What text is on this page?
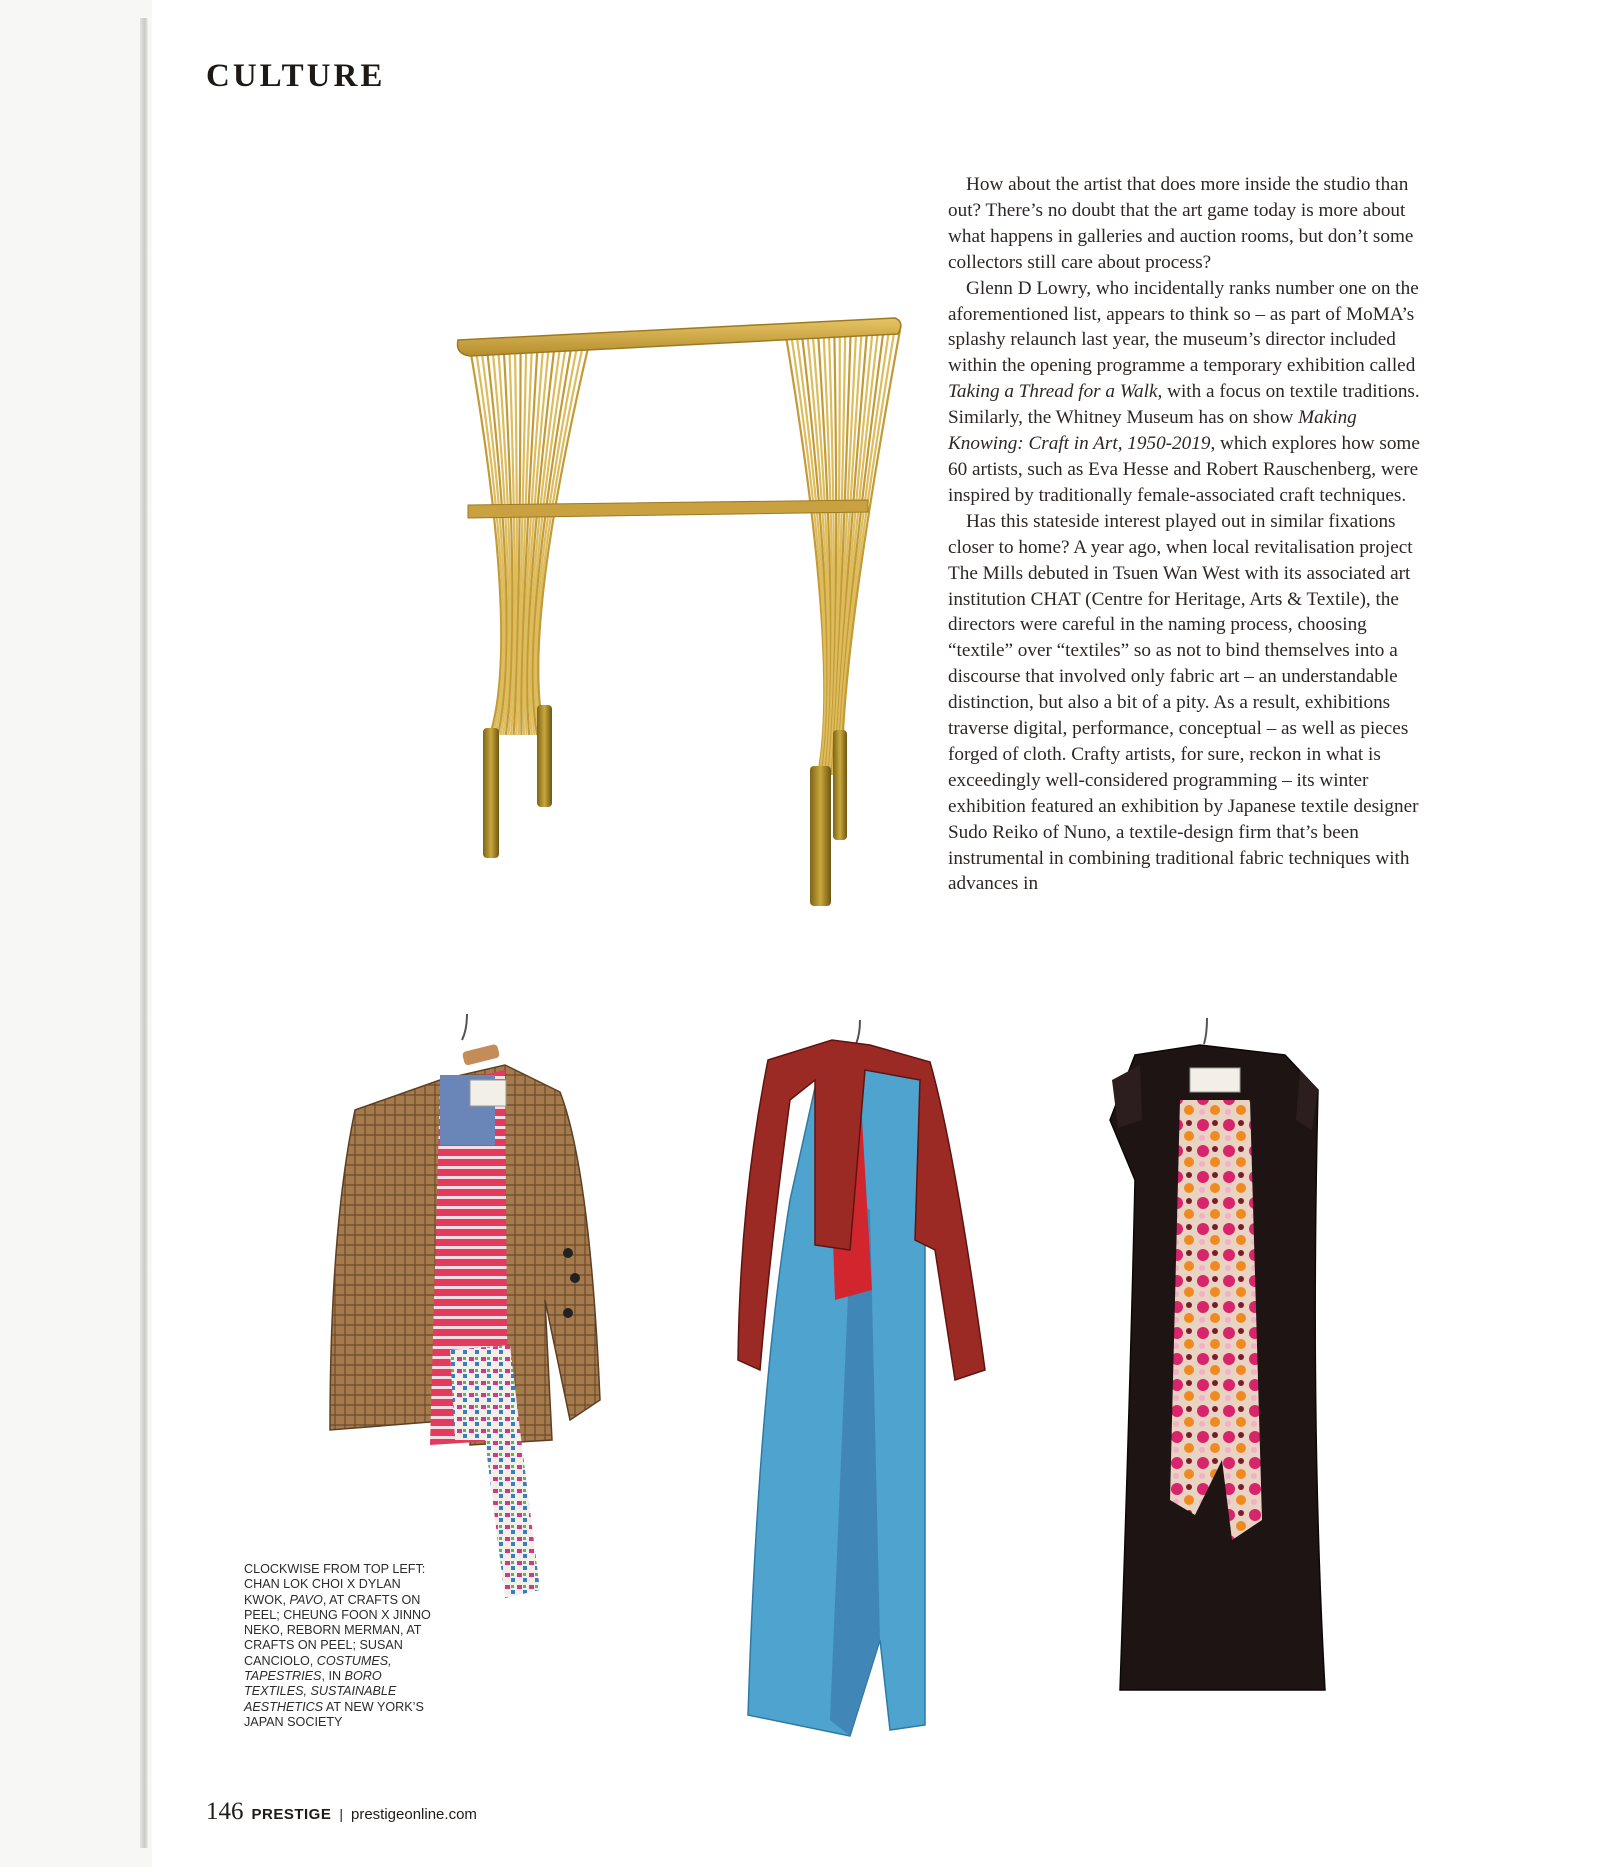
CULTURE

How about the artist that does more inside the studio than out? There’s no doubt that the art game today is more about what happens in galleries and auction rooms, but don’t some collectors still care about process?

Glenn D Lowry, who incidentally ranks number one on the aforementioned list, appears to think so – as part of MoMA’s splashy relaunch last year, the museum’s director included within the opening programme a temporary exhibition called Taking a Thread for a Walk, with a focus on textile traditions. Similarly, the Whitney Museum has on show Making Knowing: Craft in Art, 1950-2019, which explores how some 60 artists, such as Eva Hesse and Robert Rauschenberg, were inspired by traditionally female-associated craft techniques.

Has this stateside interest played out in similar fixations closer to home? A year ago, when local revitalisation project The Mills debuted in Tsuen Wan West with its associated art institution CHAT (Centre for Heritage, Arts & Textile), the directors were careful in the naming process, choosing “textile” over “textiles” so as not to bind themselves into a discourse that involved only fabric art – an understandable distinction, but also a bit of a pity. As a result, exhibitions traverse digital, performance, conceptual – as well as pieces forged of cloth. Crafty artists, for sure, reckon in what is exceedingly well-considered programming – its winter exhibition featured an exhibition by Japanese textile designer Sudo Reiko of Nuno, a textile-design firm that’s been instrumental in combining traditional fabric techniques with advances in

CLOCKWISE FROM TOP LEFT: CHAN LOK CHOI X DYLAN KWOK, PAVO, AT CRAFTS ON PEEL; CHEUNG FOON X JINNO NEKO, REBORN MERMAN, AT CRAFTS ON PEEL; SUSAN CANCIOLO, COSTUMES, TAPESTRIES, IN BORO TEXTILES, SUSTAINABLE AESTHETICS AT NEW YORK’S JAPAN SOCIETY
146 PRESTIGE | prestigeonline.com
